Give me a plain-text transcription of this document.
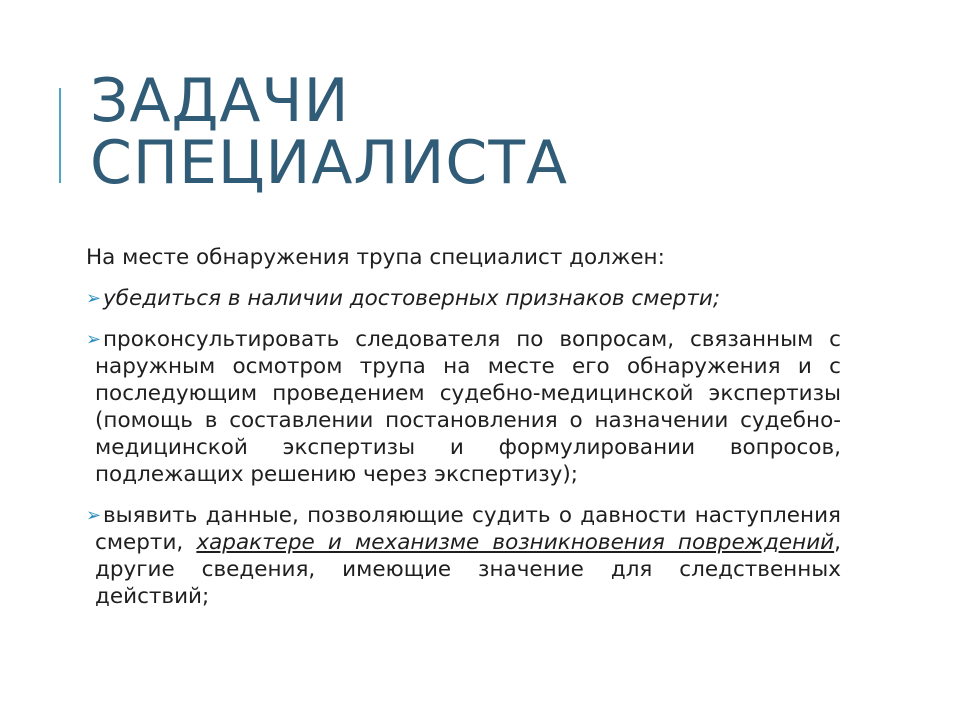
ЗАДАЧИ
СПЕЦИАЛИСТА
На месте обнаружения трупа специалист должен:
➢ убедиться в наличии достоверных признаков смерти;
➢ проконсультировать следователя по вопросам, связанным с наружным осмотром трупа на месте его обнаружения и с последующим проведением судебно-медицинской экспертизы (помощь в составлении постановления о назначении судебно-медицинской экспертизы и формулировании вопросов, подлежащих решению через экспертизу);
➢ выявить данные, позволяющие судить о давности наступления смерти, характере и механизме возникновения повреждений, другие сведения, имеющие значение для следственных действий;
